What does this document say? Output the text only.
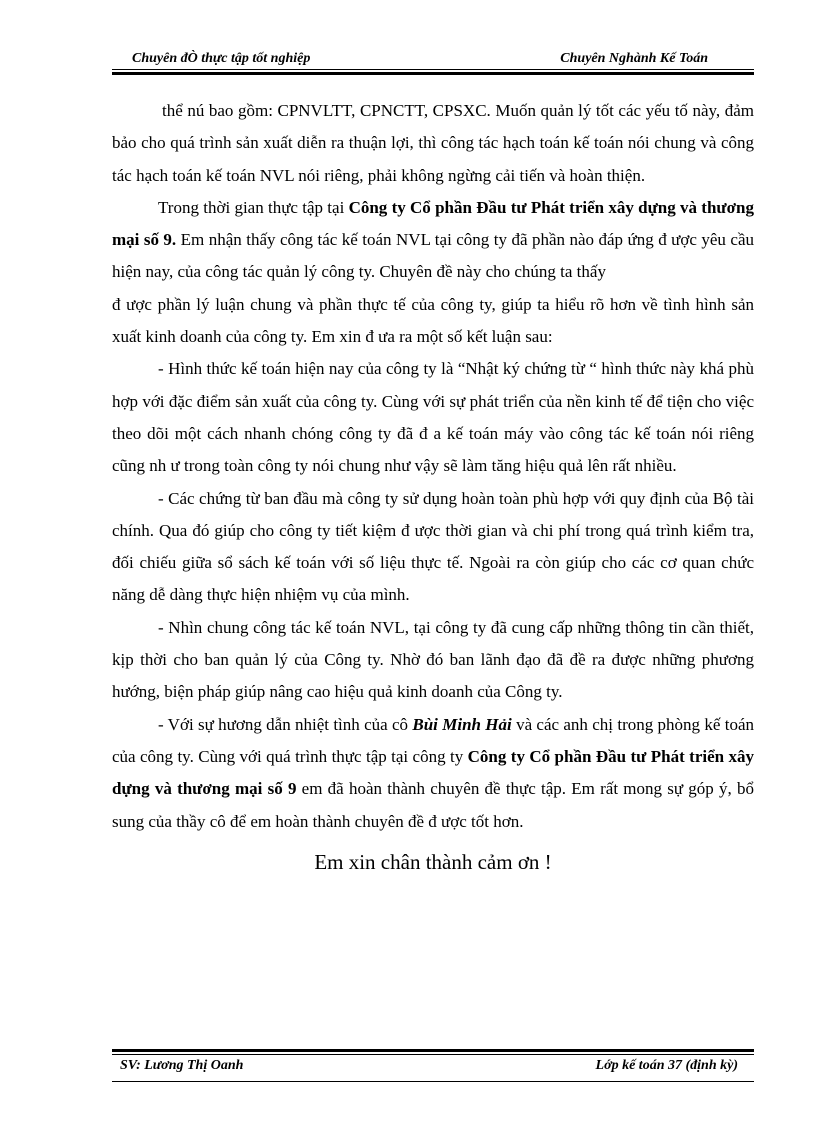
Chuyên đÒ thực tập tốt nghiệp	Chuyên Nghành Kế Toán

thể nú bao gồm: CPNVLTT, CPNCTT, CPSXC. Muốn quản lý tốt các yếu tố này, đảm bảo cho quá trình sản xuất diễn ra thuận lợi, thì công tác hạch toán kế toán nói chung và công tác hạch toán kế toán NVL nói riêng, phải không ngừng cải tiến và hoàn thiện.

Trong thời gian thực tập tại Công ty Cổ phần Đầu tư Phát triển xây dựng và thương mại số 9. Em nhận thấy công tác kế toán NVL tại công ty đã phần nào đáp ứng đ ược yêu cầu hiện nay, của công tác quản lý công ty. Chuyên đề này cho chúng ta thấy

đ ược phần lý luận chung và phần thực tế của công ty, giúp ta hiểu rõ hơn về tình hình sản xuất kinh doanh của công ty. Em xin đ ưa ra một số kết luận sau:

- Hình thức kế toán hiện nay của công ty là “Nhật ký chứng từ “ hình thức này khá phù hợp với đặc điểm sản xuất của công ty. Cùng với sự phát triển của nền kinh tế để tiện cho việc theo dõi một cách nhanh chóng công ty đã đ a kế toán máy vào công tác kế toán nói riêng cũng nh ư trong toàn công ty nói chung như vậy sẽ làm tăng hiệu quả lên rất nhiều.

- Các chứng từ ban đầu mà công ty sử dụng hoàn toàn phù hợp với quy định của Bộ tài chính. Qua đó giúp cho công ty tiết kiệm đ ược thời gian và chi phí trong quá trình kiểm tra, đối chiếu giữa sổ sách kế toán với số liệu thực tế. Ngoài ra còn giúp cho các cơ quan chức năng dễ dàng thực hiện nhiệm vụ của mình.

- Nhìn chung công tác kế toán NVL, tại công ty đã cung cấp những thông tin cần thiết, kịp thời cho ban quản lý của Công ty. Nhờ đó ban lãnh đạo đã đề ra được những phương hướng, biện pháp giúp nâng cao hiệu quả kinh doanh của Công ty.

- Với sự hương dẫn nhiệt tình của cô Bùi Minh Hải và các anh chị trong phòng kế toán của công ty. Cùng với quá trình thực tập tại công ty Công ty Cổ phần Đầu tư Phát triển xây dựng và thương mại số 9 em đã hoàn thành chuyên đề thực tập. Em rất mong sự góp ý, bổ sung của thầy cô để em hoàn thành chuyên đề đ ược tốt hơn.

Em xin chân thành cảm ơn !

SV: Lương Thị Oanh	Lớp kế toán 37 (định kỳ)
